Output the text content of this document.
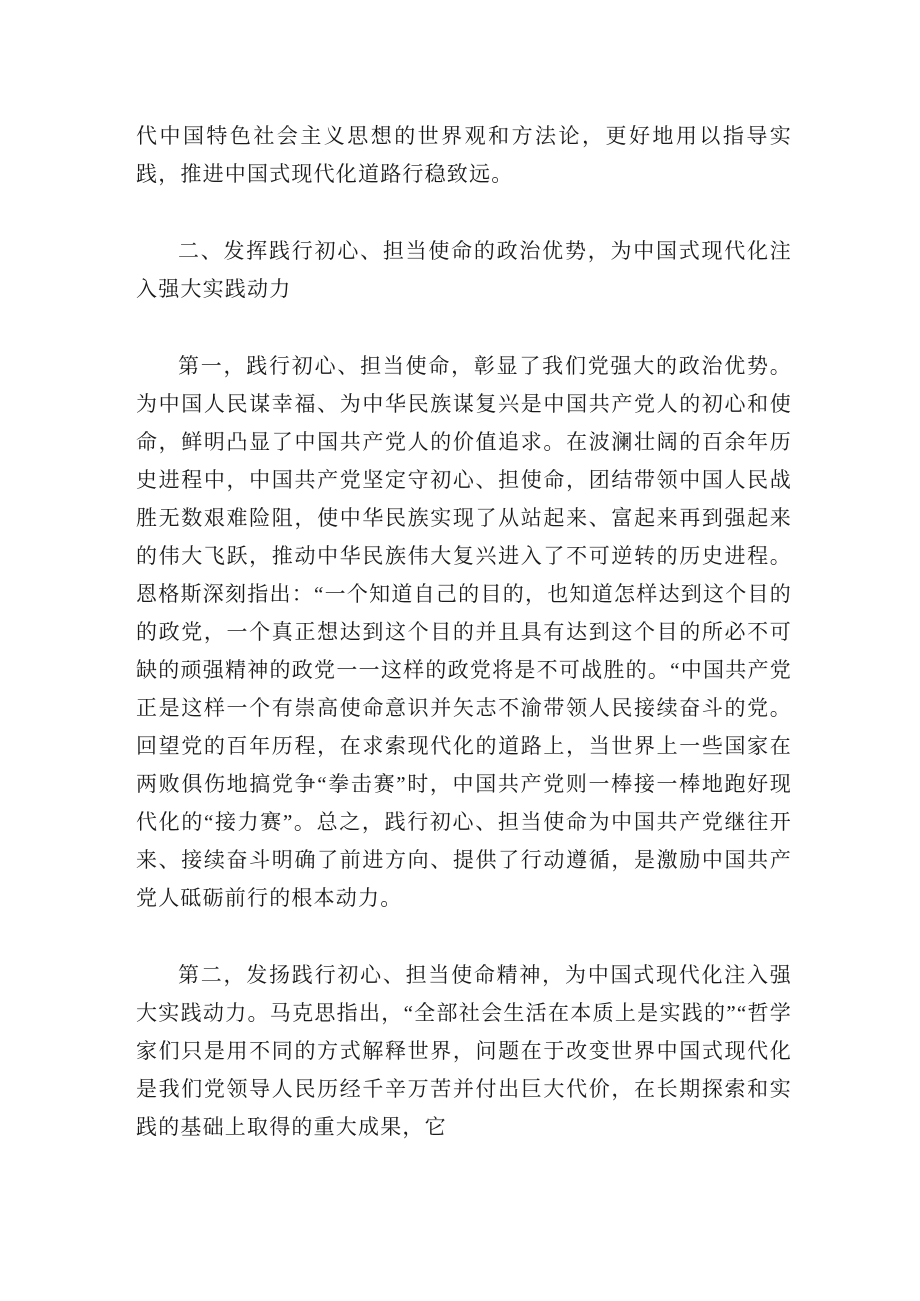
代中国特色社会主义思想的世界观和方法论，更好地用以指导实践，推进中国式现代化道路行稳致远。

二、发挥践行初心、担当使命的政治优势，为中国式现代化注入强大实践动力

第一，践行初心、担当使命，彰显了我们党强大的政治优势。为中国人民谋幸福、为中华民族谋复兴是中国共产党人的初心和使命，鲜明凸显了中国共产党人的价值追求。在波澜壮阔的百余年历史进程中，中国共产党坚定守初心、担使命，团结带领中国人民战胜无数艰难险阻，使中华民族实现了从站起来、富起来再到强起来的伟大飞跃，推动中华民族伟大复兴进入了不可逆转的历史进程。恩格斯深刻指出：“一个知道自己的目的，也知道怎样达到这个目的的政党，一个真正想达到这个目的并且具有达到这个目的所必不可缺的顽强精神的政党一一这样的政党将是不可战胜的。“中国共产党正是这样一个有崇高使命意识并矢志不渝带领人民接续奋斗的党。回望党的百年历程，在求索现代化的道路上，当世界上一些国家在两败俱伤地搞党争“拳击赛”时，中国共产党则一棒接一棒地跑好现代化的“接力赛”。总之，践行初心、担当使命为中国共产党继往开来、接续奋斗明确了前进方向、提供了行动遵循，是激励中国共产党人砥砺前行的根本动力。

第二，发扬践行初心、担当使命精神，为中国式现代化注入强大实践动力。马克思指出，“全部社会生活在本质上是实践的”“哲学家们只是用不同的方式解释世界，问题在于改变世界中国式现代化是我们党领导人民历经千辛万苦并付出巨大代价，在长期探索和实践的基础上取得的重大成果，它
